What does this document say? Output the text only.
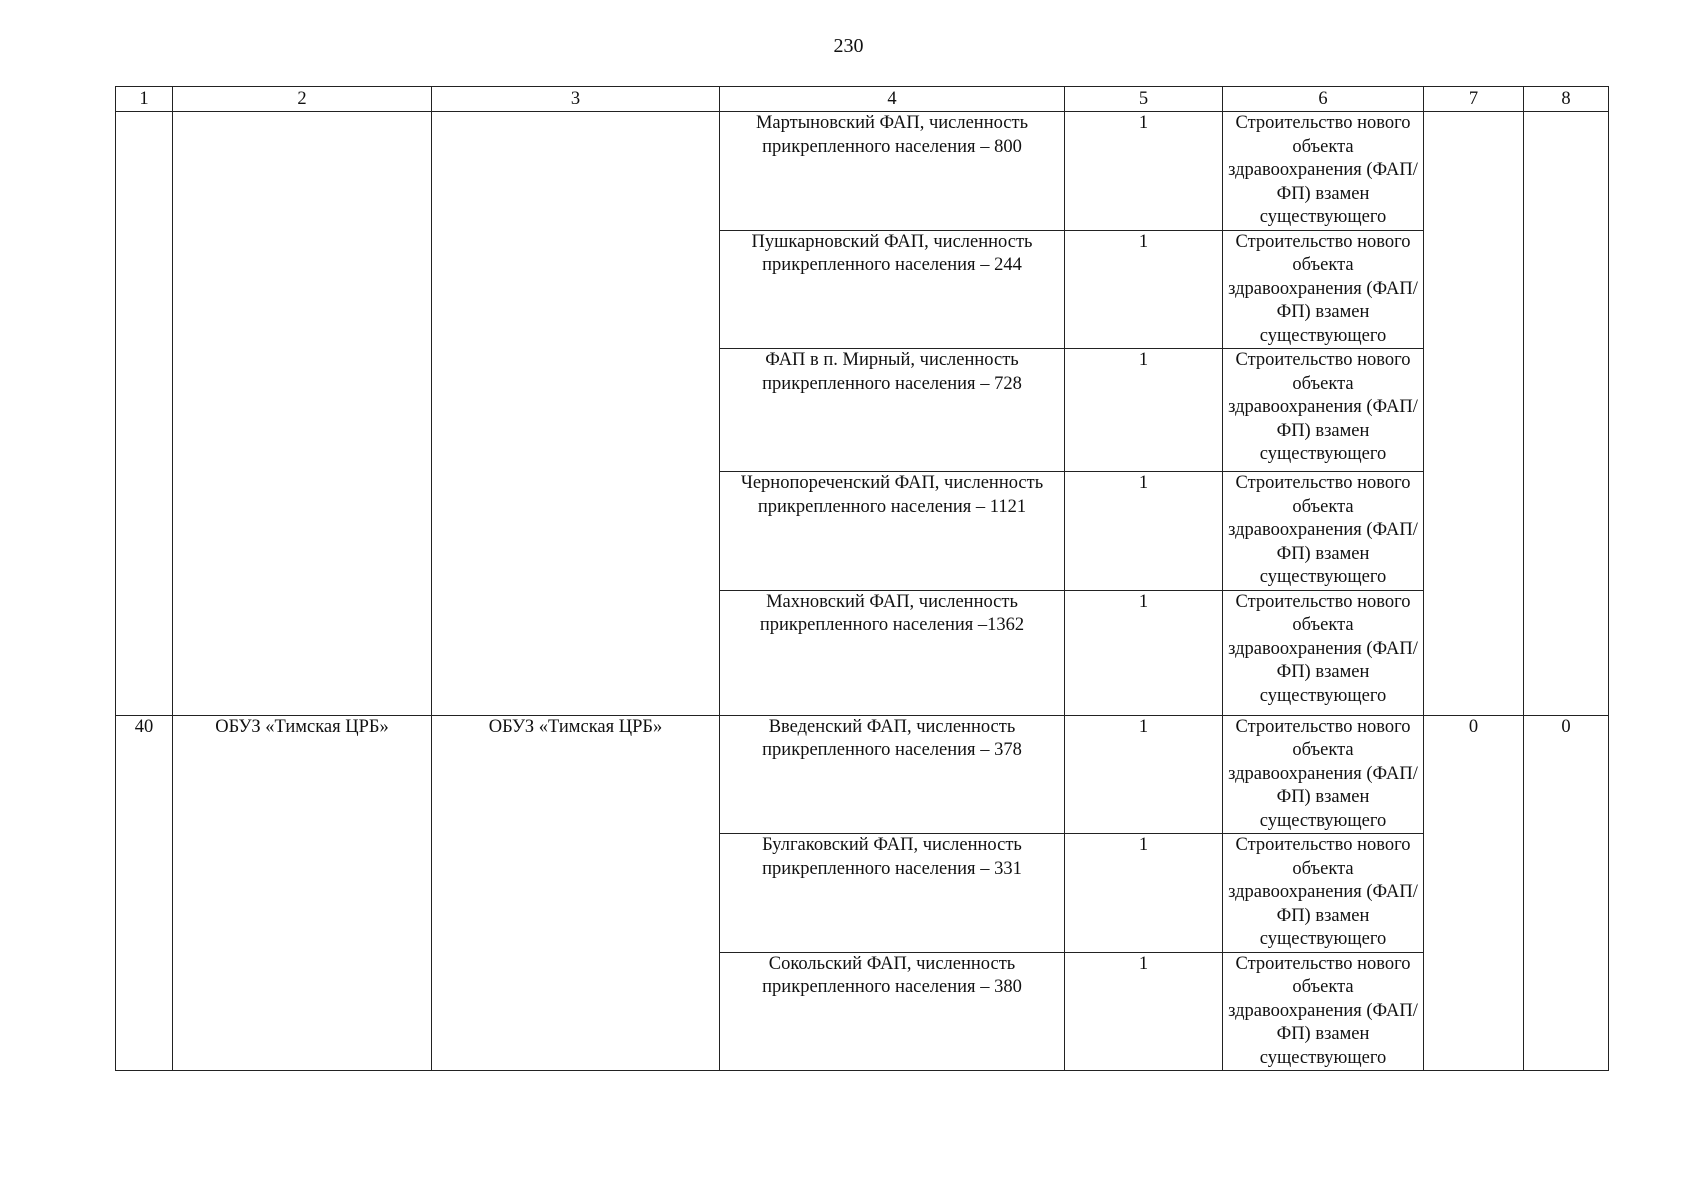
230
1	2	3	4	5	6	7	8
			Мартыновский ФАП, численность прикрепленного населения – 800	1	Строительство нового объекта здравоохранения (ФАП/ФП) взамен существующего		
			Пушкарновский ФАП, численность прикрепленного населения – 244	1	Строительство нового объекта здравоохранения (ФАП/ФП) взамен существующего		
			ФАП в п. Мирный, численность прикрепленного населения – 728	1	Строительство нового объекта здравоохранения (ФАП/ФП) взамен существующего		
			Чернопореченский ФАП, численность прикрепленного населения – 1121	1	Строительство нового объекта здравоохранения (ФАП/ФП) взамен существующего		
			Махновский ФАП, численность прикрепленного населения –1362	1	Строительство нового объекта здравоохранения (ФАП/ФП) взамен существующего		
40	ОБУЗ «Тимская ЦРБ»	ОБУЗ «Тимская ЦРБ»	Введенский ФАП, численность прикрепленного населения – 378	1	Строительство нового объекта здравоохранения (ФАП/ФП) взамен существующего	0	0
			Булгаковский ФАП, численность прикрепленного населения – 331	1	Строительство нового объекта здравоохранения (ФАП/ФП) взамен существующего		
			Сокольский ФАП, численность прикрепленного населения – 380	1	Строительство нового объекта здравоохранения (ФАП/ФП) взамен существующего		
